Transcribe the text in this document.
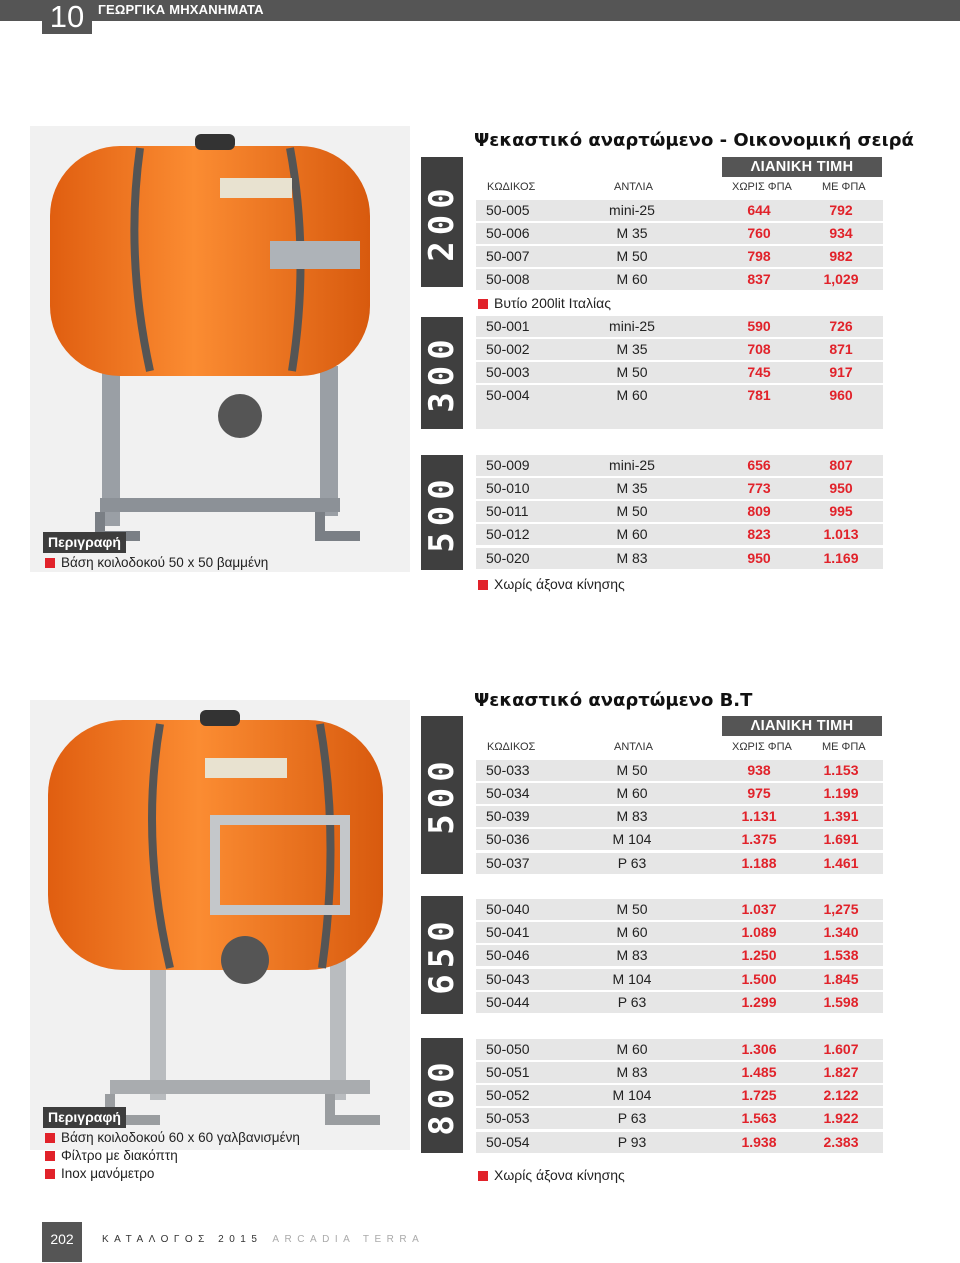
10	ΓΕΩΡΓΙΚΑ ΜΗΧΑΝΗΜΑΤΑ
Περιγραφή
Βάση κοιλοδοκού 50 x 50 βαμμένη
Ψεκαστικό αναρτώμενο - Οικονομική σειρά
ΛΙΑΝΙΚΗ ΤΙΜΗ
ΚΩΔΙΚΟΣ	ΑΝΤΛΙΑ	ΧΩΡΙΣ ΦΠΑ	ΜΕ ΦΠΑ
200
300
500
50-005	mini-25	644	792
50-006	M 35	760	934
50-007	M 50	798	982
50-008	M 60	837	1,029
Βυτίο 200lit Ιταλίας
50-001	mini-25	590	726
50-002	M 35	708	871
50-003	M 50	745	917
50-004	M 60	781	960
50-009	mini-25	656	807
50-010	M 35	773	950
50-011	M 50	809	995
50-012	M 60	823	1.013
50-020	M 83	950	1.169
Χωρίς άξονα κίνησης
Περιγραφή
Βάση κοιλοδοκού 60 x 60 γαλβανισμένη
Φίλτρο με διακόπτη
Inox μανόμετρο
Ψεκαστικό αναρτώμενο B.T
ΛΙΑΝΙΚΗ ΤΙΜΗ
ΚΩΔΙΚΟΣ	ΑΝΤΛΙΑ	ΧΩΡΙΣ ΦΠΑ	ΜΕ ΦΠΑ
500
650
800
50-033	M 50	938	1.153
50-034	M 60	975	1.199
50-039	M 83	1.131	1.391
50-036	M 104	1.375	1.691
50-037	P 63	1.188	1.461
50-040	M 50	1.037	1,275
50-041	M 60	1.089	1.340
50-046	M 83	1.250	1.538
50-043	M 104	1.500	1.845
50-044	P 63	1.299	1.598
50-050	M 60	1.306	1.607
50-051	M 83	1.485	1.827
50-052	M 104	1.725	2.122
50-053	P 63	1.563	1.922
50-054	P 93	1.938	2.383
Χωρίς άξονα κίνησης
202	ΚΑΤΑΛΟΓΟΣ 2015 ARCADIA TERRA
